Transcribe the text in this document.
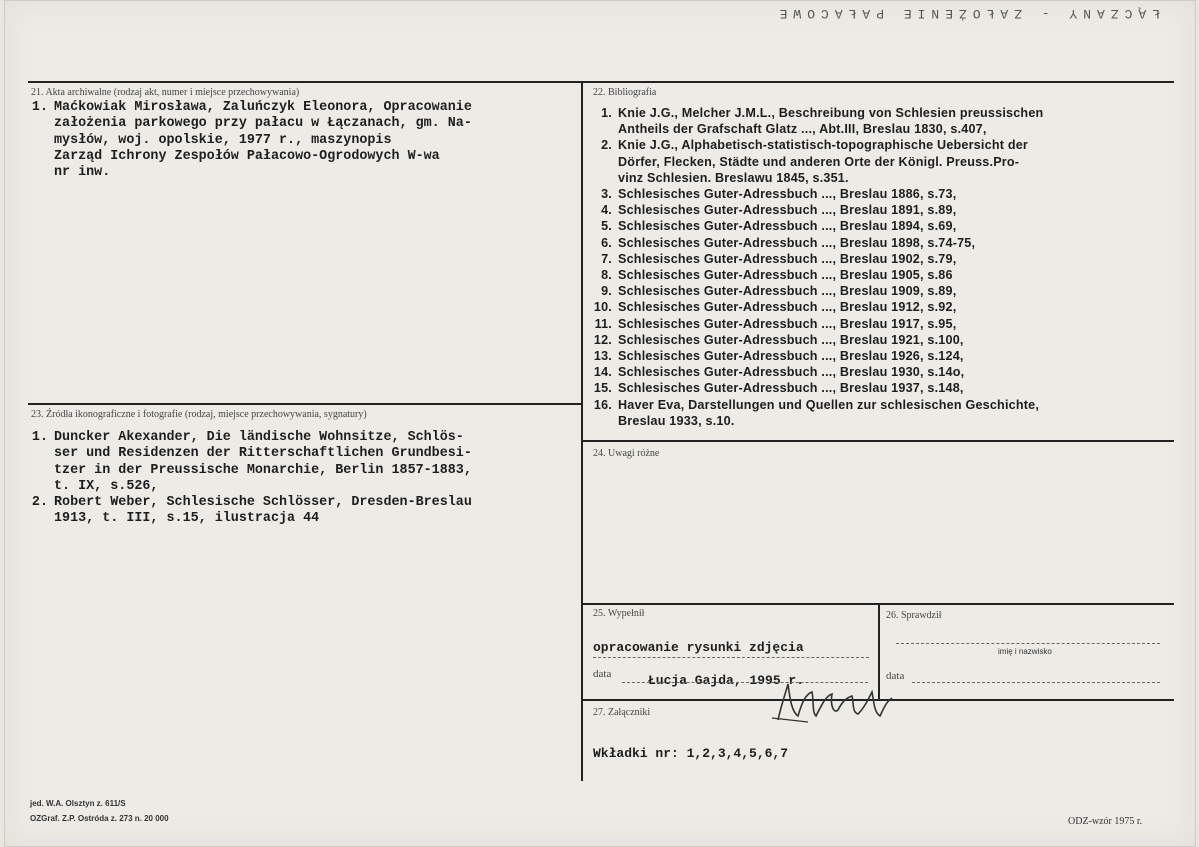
ŁĄCZANY - ZAŁOŻENIE PAŁACOWE
21. Akta archiwalne (rodzaj akt, numer i miejsce przechowywania)	22. Bibliografia
23. Źródła ikonograficzne i fotografie (rodzaj, miejsce przechowywania, sygnatury)
24. Uwagi różne
25. Wypełnił	26. Sprawdził
27. Załączniki
1. Maćkowiak Mirosława, Zaluńczyk Eleonora, Opracowanie
założenia parkowego przy pałacu w Łączanach, gm. Na-
mysłów, woj. opolskie, 1977 r., maszynopis
Zarząd Ichrony Zespołów Pałacowo-Ogrodowych W-wa
nr inw.
1. Knie J.G., Melcher J.M.L., Beschreibung von Schlesien preussischen
Antheils der Grafschaft Glatz ..., Abt.III, Breslau 1830, s.407,
2. Knie J.G., Alphabetisch-statistisch-topographische Uebersicht der
Dörfer, Flecken, Städte und anderen Orte der Königl. Preuss.Pro-
vinz Schlesien. Breslawu 1845, s.351.
3. Schlesisches Guter-Adressbuch ..., Breslau 1886, s.73,
4. Schlesisches Guter-Adressbuch ..., Breslau 1891, s.89,
5. Schlesisches Guter-Adressbuch ..., Breslau 1894, s.69,
6. Schlesisches Guter-Adressbuch ..., Breslau 1898, s.74-75,
7. Schlesisches Guter-Adressbuch ..., Breslau 1902, s.79,
8. Schlesisches Guter-Adressbuch ..., Breslau 1905, s.86
9. Schlesisches Guter-Adressbuch ..., Breslau 1909, s.89,
10. Schlesisches Guter-Adressbuch ..., Breslau 1912, s.92,
11. Schlesisches Guter-Adressbuch ..., Breslau 1917, s.95,
12. Schlesisches Guter-Adressbuch ..., Breslau 1921, s.100,
13. Schlesisches Guter-Adressbuch ..., Breslau 1926, s.124,
14. Schlesisches Guter-Adressbuch ..., Breslau 1930, s.14o,
15. Schlesisches Guter-Adressbuch ..., Breslau 1937, s.148,
16. Haver Eva, Darstellungen und Quellen zur schlesischen Geschichte,
Breslau 1933, s.10.
1. Duncker Akexander, Die ländische Wohnsitze, Schlös-
ser und Residenzen der Ritterschaftlichen Grundbesi-
tzer in der Preussische Monarchie, Berlin 1857-1883,
t. IX, s.526,
2. Robert Weber, Schlesische Schlösser, Dresden-Breslau
1913, t. III, s.15, ilustracja 44
opracowanie rysunki zdjęcia
data	Łucja Gajda, 1995 r.
imię i nazwisko
data
Wkładki nr: 1,2,3,4,5,6,7
jed. W.A. Olsztyn z. 611/S
OZGraf. Z.P. Ostróda z. 273 n. 20 000	ODZ-wzór 1975 r.
